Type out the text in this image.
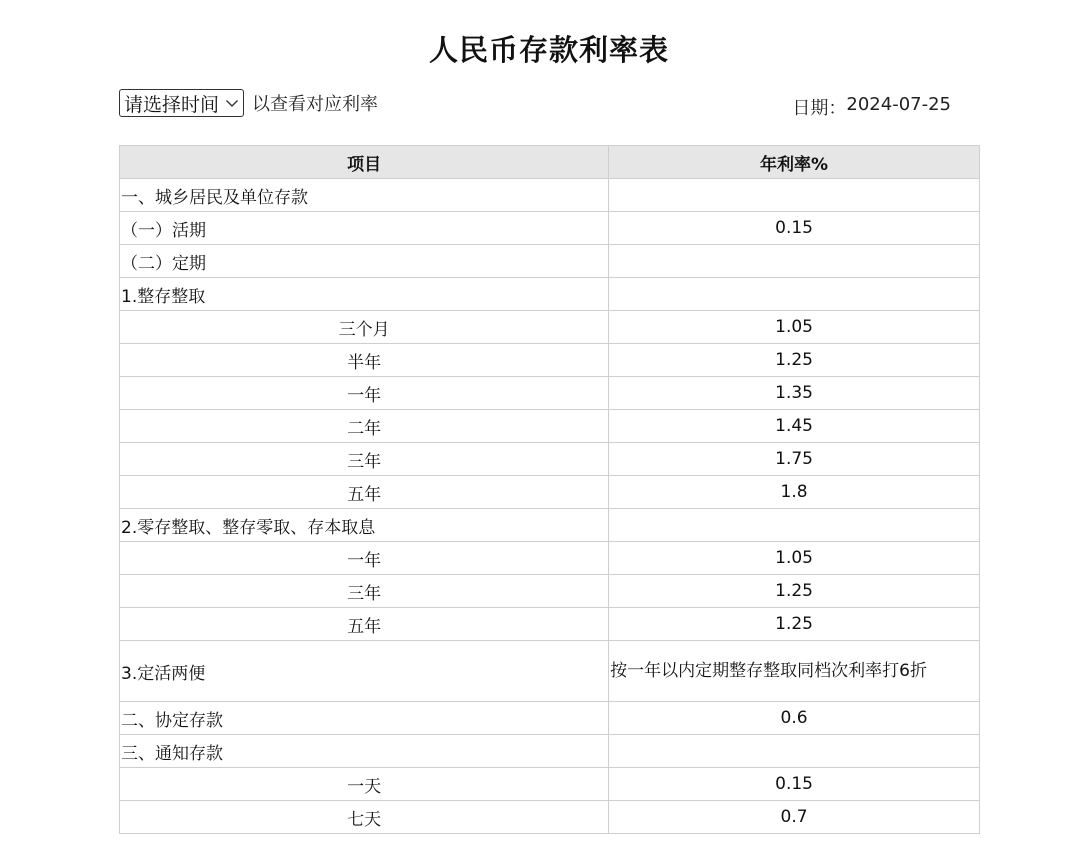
人民币存款利率表
请选择时间 以查看对应利率	日期： 2024-07-25
项目	年利率%
一、城乡居民及单位存款	
（一）活期	0.15
（二）定期	
1.整存整取	
三个月	1.05
半年	1.25
一年	1.35
二年	1.45
三年	1.75
五年	1.8
2.零存整取、整存零取、存本取息	
一年	1.05
三年	1.25
五年	1.25
3.定活两便	按一年以内定期整存整取同档次利率打6折
二、协定存款	0.6
三、通知存款	
一天	0.15
七天	0.7
